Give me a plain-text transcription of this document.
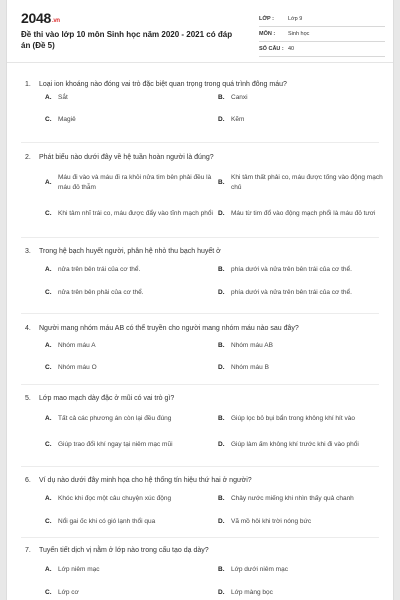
2048.vn
Đề thi vào lớp 10 môn Sinh học năm 2020 - 2021 có đáp án (Đề 5)
LỚP :	Lớp 9
MÔN :	Sinh học
SỐ CÂU : 40
1. Loại ion khoáng nào đóng vai trò đặc biệt quan trọng trong quá trình đông máu?
A.	Sắt	B.	Canxi
C.	Magiê	D.	Kẽm
2. Phát biểu nào dưới đây về hệ tuần hoàn người là đúng?
A.
Máu đi vào và máu đi ra khỏi nửa tim bên phải đều là máu đỏ thẫm
B.
Khi tâm thất phải co, máu được tống vào động mạch chủ
C.	Khi tâm nhĩ trái co, máu được đẩy vào tĩnh mạch phổi D.	Máu từ tim đổ vào động mạch phổi là máu đỏ tươi
3. Trong hệ bạch huyết người, phân hệ nhỏ thu bạch huyết ở
A.	nửa trên bên trái của cơ thể.	B.	phía dưới và nửa trên bên trái của cơ thể.
C.	nửa trên bên phải của cơ thể.	D.	phía dưới và nửa trên bên trái của cơ thể.
4. Người mang nhóm máu AB có thể truyền cho người mang nhóm máu nào sau đây?
A.	Nhóm máu A	B.	Nhóm máu AB
C.	Nhóm máu O	D.	Nhóm máu B
5. Lớp mao mạch dày đặc ở mũi có vai trò gì?
A.	Tất cả các phương án còn lại đều đúng	B.	Giúp lọc bỏ bụi bẩn trong không khí hít vào
C.	Giúp trao đổi khí ngay tại niêm mạc mũi	D.	Giúp làm ấm không khí trước khi đi vào phổi
6. Ví dụ nào dưới đây minh họa cho hệ thống tín hiệu thứ hai ở người?
A.	Khóc khi đọc một câu chuyện xúc động	B.	Chảy nước miếng khi nhìn thấy quả chanh
C.	Nổi gai ốc khi có gió lạnh thổi qua	D.	Vã mồ hôi khi trời nóng bức
7. Tuyến tiết dịch vị nằm ở lớp nào trong cấu tạo dạ dày?
A.	Lớp niêm mạc	B.	Lớp dưới niêm mạc
C.	Lớp cơ	D.	Lớp màng bọc
